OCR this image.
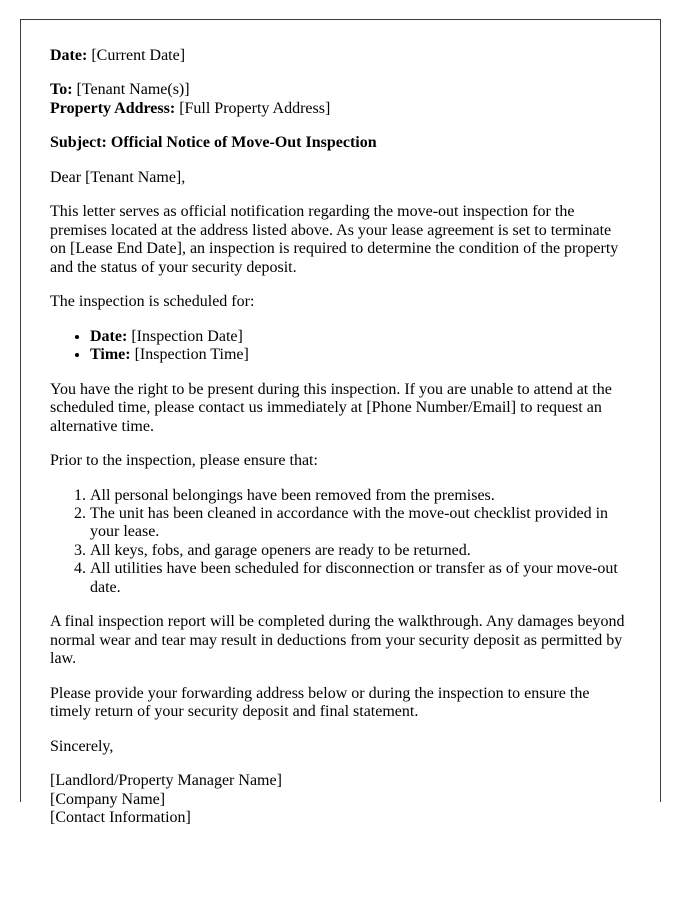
Date: [Current Date]

To: [Tenant Name(s)]
Property Address: [Full Property Address]

Subject: Official Notice of Move-Out Inspection

Dear [Tenant Name],

This letter serves as official notification regarding the move-out inspection for the premises located at the address listed above. As your lease agreement is set to terminate on [Lease End Date], an inspection is required to determine the condition of the property and the status of your security deposit.

The inspection is scheduled for:

• Date: [Inspection Date]
• Time: [Inspection Time]

You have the right to be present during this inspection. If you are unable to attend at the scheduled time, please contact us immediately at [Phone Number/Email] to request an alternative time.

Prior to the inspection, please ensure that:

1. All personal belongings have been removed from the premises.
2. The unit has been cleaned in accordance with the move-out checklist provided in your lease.
3. All keys, fobs, and garage openers are ready to be returned.
4. All utilities have been scheduled for disconnection or transfer as of your move-out date.

A final inspection report will be completed during the walkthrough. Any damages beyond normal wear and tear may result in deductions from your security deposit as permitted by law.

Please provide your forwarding address below or during the inspection to ensure the timely return of your security deposit and final statement.

Sincerely,

[Landlord/Property Manager Name]
[Company Name]
[Contact Information]
